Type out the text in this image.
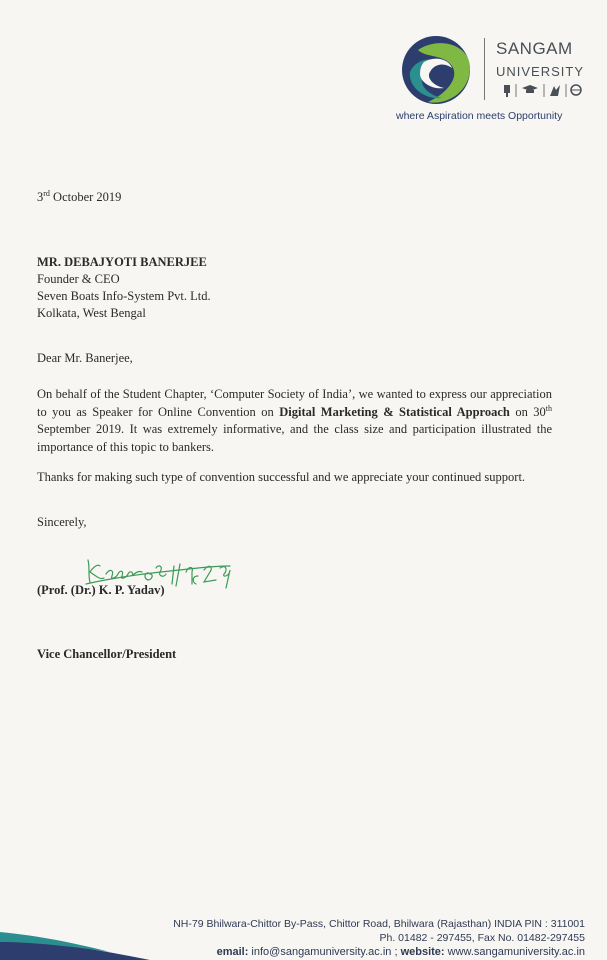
SANGAM
UNIVERSITY
where Aspiration meets Opportunity
3rd October 2019
MR. DEBAJYOTI BANERJEE
Founder & CEO
Seven Boats Info-System Pvt. Ltd.
Kolkata, West Bengal
Dear Mr. Banerjee,
On behalf of the Student Chapter, ‘Computer Society of India’, we wanted to express our appreciation to you as Speaker for Online Convention on Digital Marketing & Statistical Approach on 30th September 2019. It was extremely informative, and the class size and participation illustrated the importance of this topic to bankers.
Thanks for making such type of convention successful and we appreciate your continued support.
Sincerely,
(Prof. (Dr.) K. P. Yadav)
Vice Chancellor/President
NH-79 Bhilwara-Chittor By-Pass, Chittor Road, Bhilwara (Rajasthan) INDIA PIN : 311001
Ph. 01482 - 297455, Fax No. 01482-297455
email: info@sangamuniversity.ac.in ; website: www.sangamuniversity.ac.in
